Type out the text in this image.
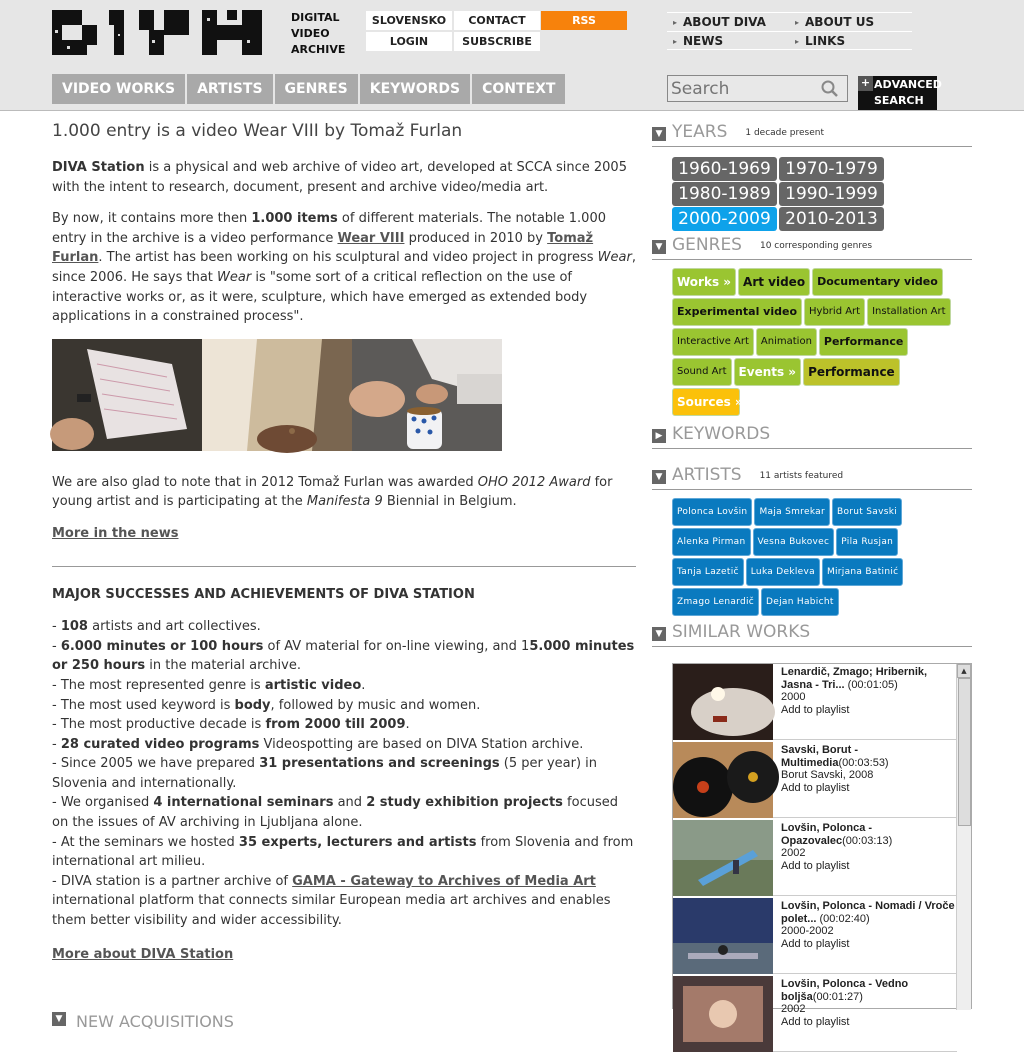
DIGITAL
VIDEO
ARCHIVE
SLOVENSKO	CONTACT	RSS
LOGIN	SUBSCRIBE
▸ ABOUT DIVA	▸ ABOUT US
▸ NEWS	▸ LINKS
VIDEO WORKS	ARTISTS	GENRES	KEYWORDS	CONTEXT
Search	+ ADVANCED
SEARCH
1.000 entry is a video Wear VIII by Tomaž Furlan

DIVA Station is a physical and web archive of video art, developed at SCCA since 2005 with the intent to research, document, present and archive video/media art.

By now, it contains more then 1.000 items of different materials. The notable 1.000 entry in the archive is a video performance Wear VIII produced in 2010 by Tomaž Furlan. The artist has been working on his sculptural and video project in progress Wear, since 2006. He says that Wear is "some sort of a critical reflection on the use of interactive works or, as it were, sculpture, which have emerged as extended body applications in a constrained process".

We are also glad to note that in 2012 Tomaž Furlan was awarded OHO 2012 Award for young artist and is participating at the Manifesta 9 Biennial in Belgium.

More in the news

MAJOR SUCCESSES AND ACHIEVEMENTS OF DIVA STATION
- 108 artists and art collectives.
- 6.000 minutes or 100 hours of AV material for on-line viewing, and 15.000 minutes or 250 hours in the material archive.
- The most represented genre is artistic video.
- The most used keyword is body, followed by music and women.
- The most productive decade is from 2000 till 2009.
- 28 curated video programs Videospotting are based on DIVA Station archive.
- Since 2005 we have prepared 31 presentations and screenings (5 per year) in Slovenia and internationally.
- We organised 4 international seminars and 2 study exhibition projects focused on the issues of AV archiving in Ljubljana alone.
- At the seminars we hosted 35 experts, lecturers and artists from Slovenia and from international art milieu.
- DIVA station is a partner archive of GAMA - Gateway to Archives of Media Art international platform that connects similar European media art archives and enables them better visibility and wider accessibility.

More about DIVA Station

▼ NEW ACQUISITIONS
▼ YEARS 1 decade present
1960-1969 1970-1979
1980-1989 1990-1999
2000-2009 2010-2013
▼ GENRES 10 corresponding genres
Works »	Art video	Documentary video
Experimental video	Hybrid Art	Installation Art
Interactive Art	Animation	Performance
Sound Art	Events »	Performance
Sources »
▶ KEYWORDS
▼ ARTISTS 11 artists featured
Polonca Lovšin	Maja Smrekar	Borut Savski
Alenka Pirman	Vesna Bukovec	Pila Rusjan
Tanja Lazetič	Luka Dekleva	Mirjana Batinić
Zmago Lenardič	Dejan Habicht
▼ SIMILAR WORKS
Lovšin, Polonca - Vedno boljša(00:01:27)
2002
Add to playlist
Lovšin, Polonca - Nomadi / Vroče polet... (00:02:40)
2000-2002
Add to playlist
Lovšin, Polonca - Opazovalec(00:03:13)
2002
Add to playlist
Savski, Borut - Multimedia(00:03:53)
Borut Savski, 2008
Add to playlist
Lenardič, Zmago; Hribernik, Jasna - Tri... (00:01:05)
2000
Add to playlist
▲
